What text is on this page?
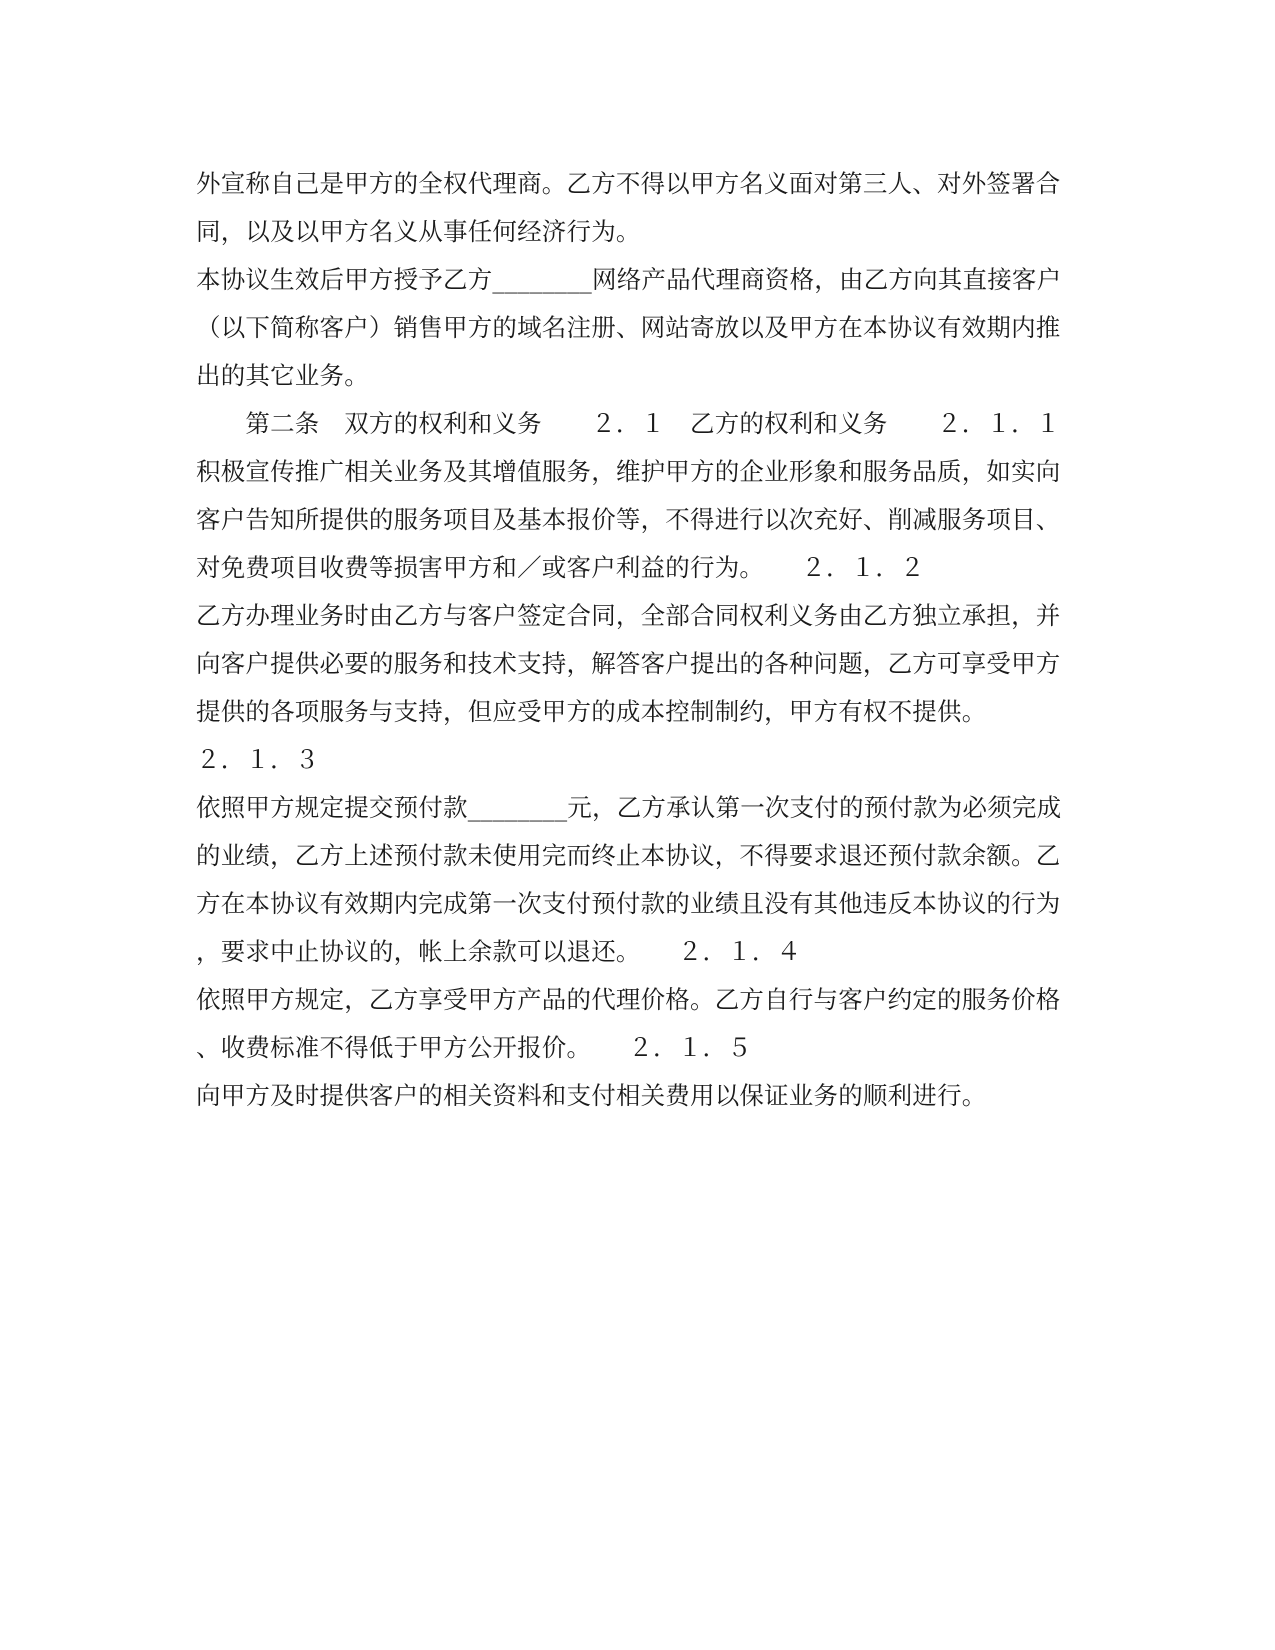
外宣称自己是甲方的全权代理商。乙方不得以甲方名义面对第三人、对外签署合
同，以及以甲方名义从事任何经济行为。
本协议生效后甲方授予乙方________网络产品代理商资格，由乙方向其直接客户
（以下简称客户）销售甲方的域名注册、网站寄放以及甲方在本协议有效期内推
出的其它业务。
　　第二条　双方的权利和义务　　２．１　乙方的权利和义务　　２．１．１
积极宣传推广相关业务及其增值服务，维护甲方的企业形象和服务品质，如实向
客户告知所提供的服务项目及基本报价等，不得进行以次充好、削减服务项目、
对免费项目收费等损害甲方和／或客户利益的行为。　　２．１．２
乙方办理业务时由乙方与客户签定合同，全部合同权利义务由乙方独立承担，并
向客户提供必要的服务和技术支持，解答客户提出的各种问题，乙方可享受甲方
提供的各项服务与支持，但应受甲方的成本控制制约，甲方有权不提供。
２．１．３
依照甲方规定提交预付款________元，乙方承认第一次支付的预付款为必须完成
的业绩，乙方上述预付款未使用完而终止本协议，不得要求退还预付款余额。乙
方在本协议有效期内完成第一次支付预付款的业绩且没有其他违反本协议的行为
，要求中止协议的，帐上余款可以退还。　　２．１．４
依照甲方规定，乙方享受甲方产品的代理价格。乙方自行与客户约定的服务价格
、收费标准不得低于甲方公开报价。　　２．１．５
向甲方及时提供客户的相关资料和支付相关费用以保证业务的顺利进行。
